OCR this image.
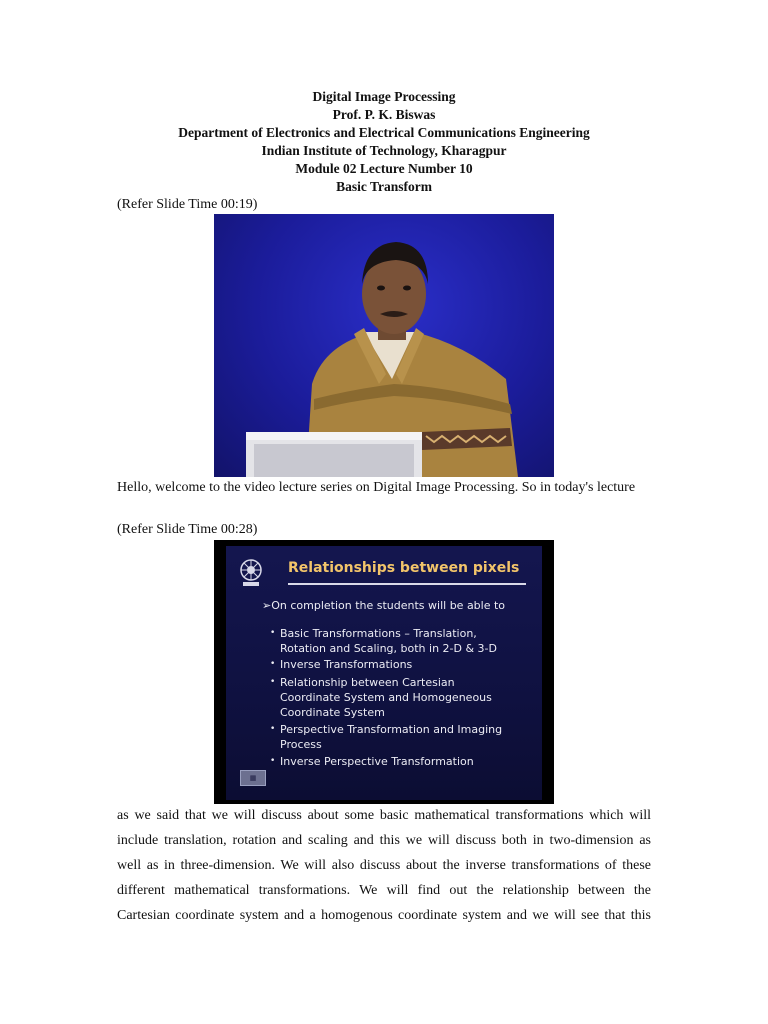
Digital Image Processing
Prof. P. K. Biswas
Department of Electronics and Electrical Communications Engineering
Indian Institute of Technology, Kharagpur
Module 02 Lecture Number 10
Basic Transform
(Refer Slide Time 00:19)
Hello, welcome to the video lecture series on Digital Image Processing. So in today's lecture
(Refer Slide Time 00:28)
Relationships between pixels
➢On completion the students will be able to
• Basic Transformations – Translation,
Rotation and Scaling, both in 2-D & 3-D
• Inverse Transformations
• Relationship between Cartesian
Coordinate System and Homogeneous
Coordinate System
• Perspective Transformation and Imaging
Process
• Inverse Perspective Transformation
▦
as we said that we will discuss about some basic mathematical transformations which will
include translation, rotation and scaling and this we will discuss both in two-dimension as
well as in three-dimension. We will also discuss about the inverse transformations of these
different mathematical transformations. We will find out the relationship between the
Cartesian coordinate system and a homogenous coordinate system and we will see that this
